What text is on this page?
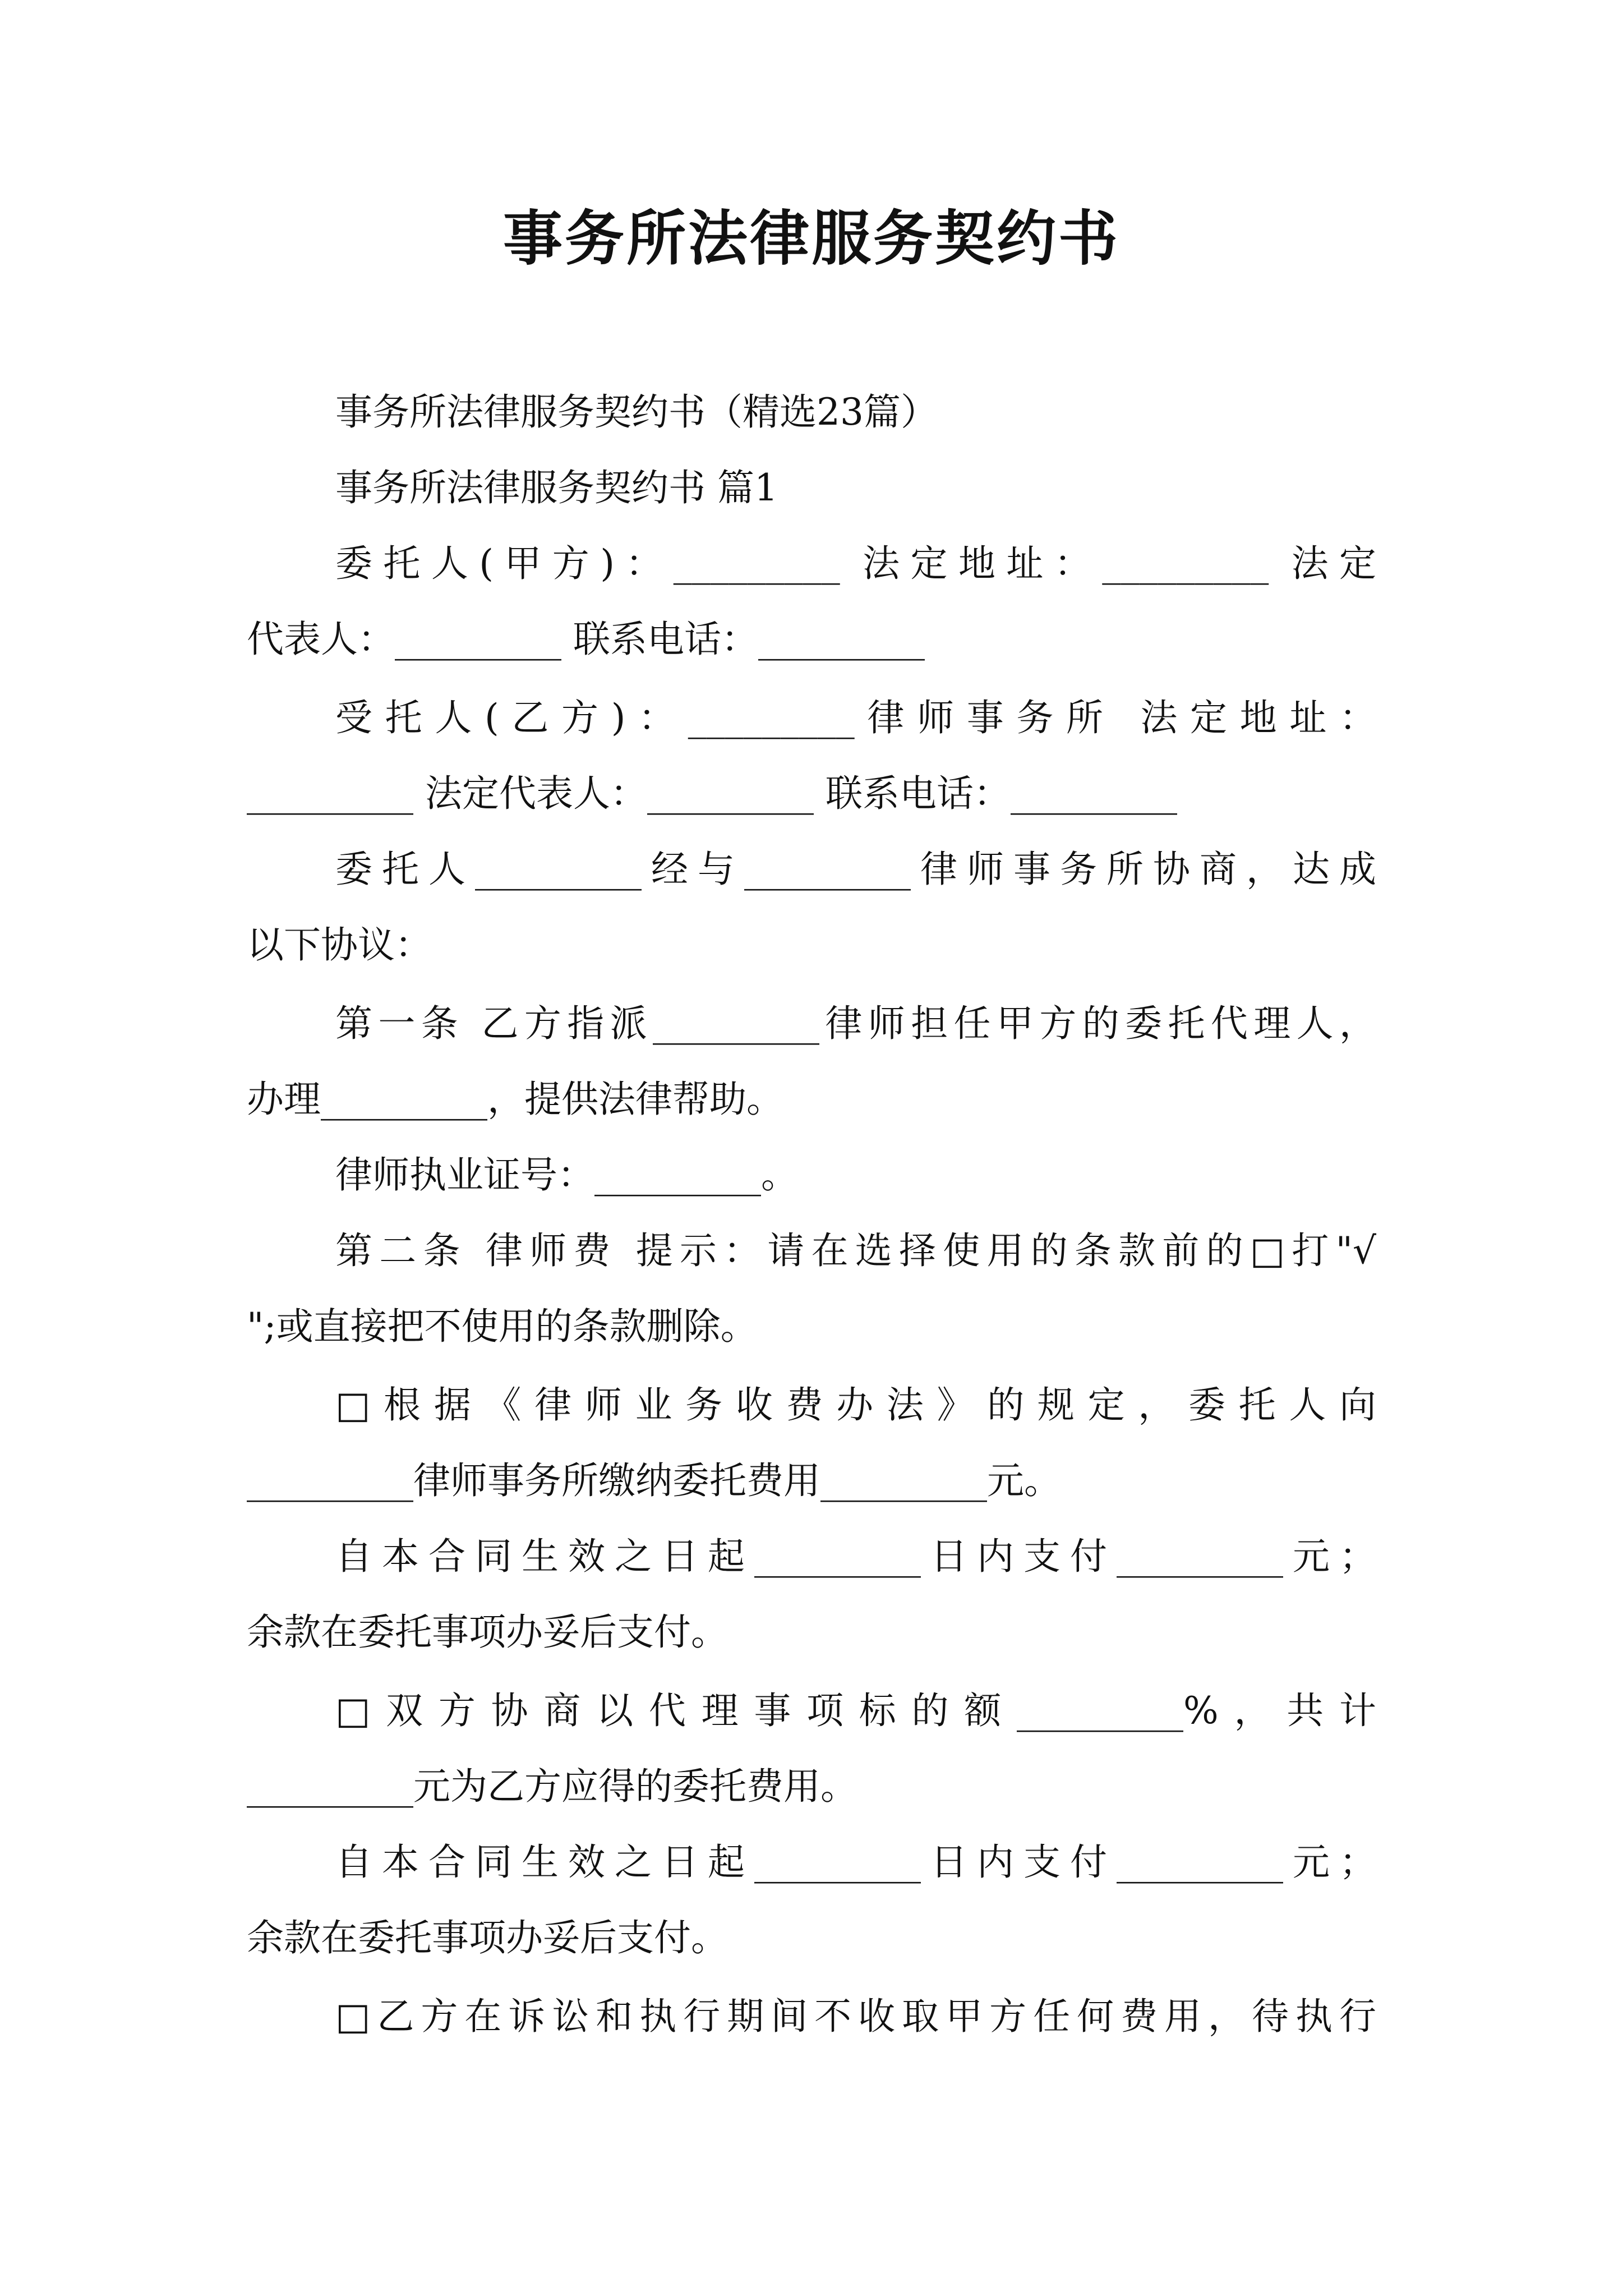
事务所法律服务契约书
事务所法律服务契约书（精选23篇）
事务所法律服务契约书 篇1
委托人(甲方)：_________ 法定地址：_________ 法定
代表人：_________ 联系电话：_________
受托人(乙方)：_________律师事务所 法定地址：
_________ 法定代表人：_________ 联系电话：_________
委托人_________经与_________律师事务所协商，达成
以下协议：
第一条 乙方指派_________律师担任甲方的委托代理人，
办理_________，提供法律帮助。
律师执业证号：_________。
第二条 律师费 提示：请在选择使用的条款前的□打"√
";或直接把不使用的条款删除。
□根据《律师业务收费办法》的规定，委托人向
_________律师事务所缴纳委托费用_________元。
自本合同生效之日起_________日内支付_________元；
余款在委托事项办妥后支付。
□双方协商以代理事项标的额_________%，共计
_________元为乙方应得的委托费用。
自本合同生效之日起_________日内支付_________元；
余款在委托事项办妥后支付。
□乙方在诉讼和执行期间不收取甲方任何费用，待执行
